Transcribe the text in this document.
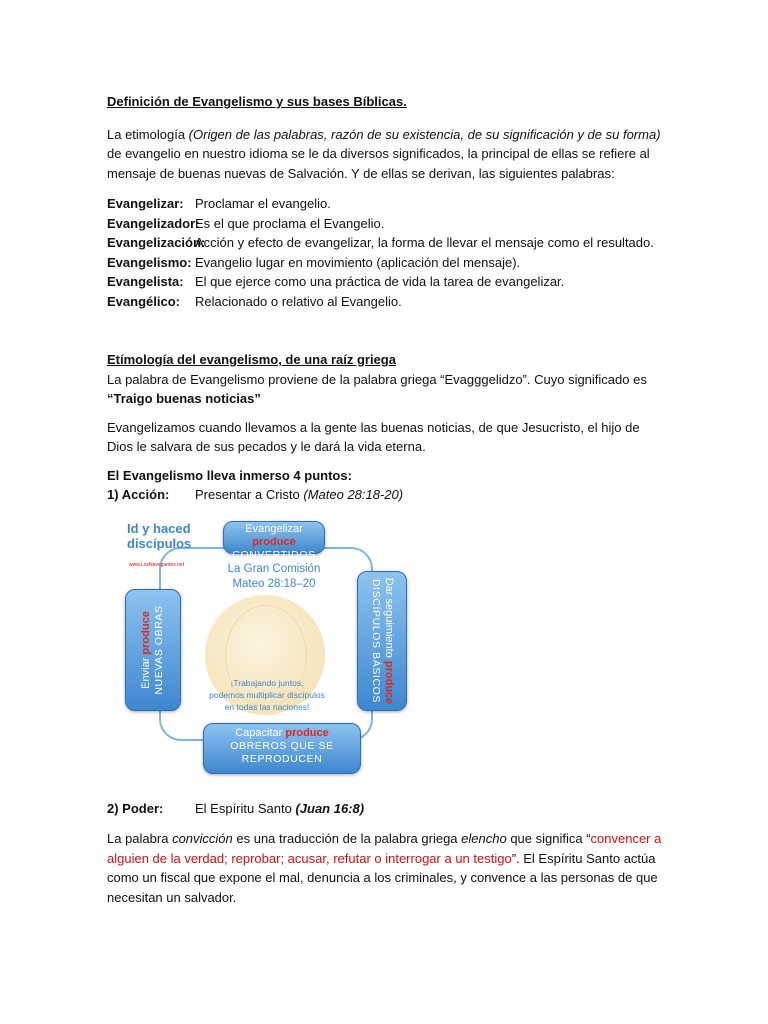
Definición de Evangelismo y sus bases Bíblicas.

La etimología (Origen de las palabras, razón de su existencia, de su significación y de su forma) de evangelio en nuestro idioma se le da diversos significados, la principal de ellas se refiere al mensaje de buenas nuevas de Salvación. Y de ellas se derivan, las siguientes palabras:

Evangelizar: Proclamar el evangelio.
Evangelizador:
Es el que proclama el Evangelio.
Evangelización:
Acción y efecto de evangelizar, la forma de llevar el mensaje como el resultado.
Evangelismo: Evangelio lugar en movimiento (aplicación del mensaje).
Evangelista: El que ejerce como una práctica de vida la tarea de evangelizar.
Evangélico:	Relacionado o relativo al Evangelio.

Etímología del evangelismo, de una raíz griega

La palabra de Evangelismo proviene de la palabra griega “Evagggelidzo”. Cuyo significado es

“Traigo buenas noticias”

Evangelizamos cuando llevamos a la gente las buenas noticias, de que Jesucristo, el hijo de Dios le salvara de sus pecados y le dará la vida eterna.

El Evangelismo lleva inmerso 4 puntos:

1) Acción:	Presentar a Cristo (Mateo 28:18-20)
Id y haced
discípulos
www.LosNavegantes.net
Evangelizar produce
CONVERTIDOS
La Gran Comisión
Mateo 28:18–20	Dar seguimiento produce
DISCÍPULOS BÁSICOS
Enviar produce NUEVAS OBRAS	¡Trabajando juntos,
podemos multiplicar discípulos
en todas las naciones!
Capacitar produce
OBREROS QUE SE REPRODUCEN
2) Poder:	El Espíritu Santo (Juan 16:8)

La palabra convicción es una traducción de la palabra griega elencho que significa “convencer a alguien de la verdad; reprobar; acusar, refutar o interrogar a un testigo”. El Espíritu Santo actúa como un fiscal que expone el mal, denuncia a los criminales, y convence a las personas de que necesitan un salvador.
